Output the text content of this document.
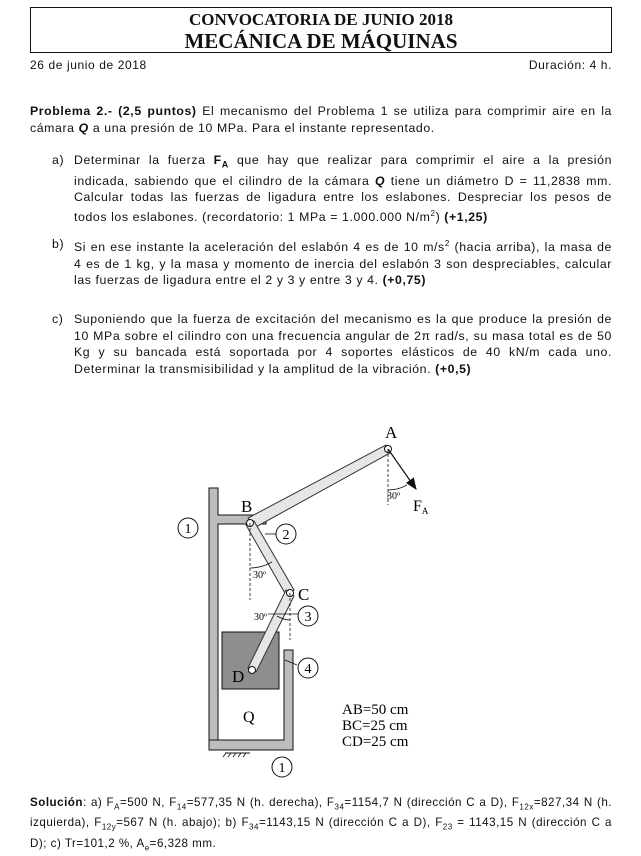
CONVOCATORIA DE JUNIO 2018
MECÁNICA DE MÁQUINAS
26 de junio de 2018	Duración: 4 h.
Problema 2.- (2,5 puntos) El mecanismo del Problema 1 se utiliza para comprimir aire en la cámara Q a una presión de 10 MPa. Para el instante representado.
a) Determinar la fuerza $F_A$ que hay que realizar para comprimir el aire a la presión indicada, sabiendo que el cilindro de la cámara Q tiene un diámetro D = 11,2838 mm. Calcular todas las fuerzas de ligadura entre los eslabones. Despreciar los pesos de todos los eslabones. (recordatorio: 1 MPa = 1.000.000 $N/m^2$) (+1,25)
b) Si en ese instante la aceleración del eslabón 4 es de 10 $m/s^2$ (hacia arriba), la masa de 4 es de 1 kg, y la masa y momento de inercia del eslabón 3 son despreciables, calcular las fuerzas de ligadura entre el 2 y 3 y entre 3 y 4. (+0,75)
c) Suponiendo que la fuerza de excitación del mecanismo es la que produce la presión de 10 MPa sobre el cilindro con una frecuencia angular de 2π rad/s, su masa total es de 50 Kg y su bancada está soportada por 4 soportes elásticos de 40 kN/m cada uno. Determinar la transmisibilidad y la amplitud de la vibración. (+0,5)
1	2
3
4
1
A
B
C
D
Q
FA
30º
30º
30º
AB=50 cm
BC=25 cm
CD=25 cm
Solución: a) $F_A=500$ N, $F_{14}=577,35$ N (h. derecha), $F_{34}=1154,7$ N (dirección C a D), $F_{12x}=827,34$ N (h. izquierda), $F_{12y}=567$ N (h. abajo); b) $F_{34}=1143,15$ N (dirección C a D), $F_{23} = 1143,15$ N (dirección C a D); c) Tr=101,2 %, $A_e=6,328$ mm.
